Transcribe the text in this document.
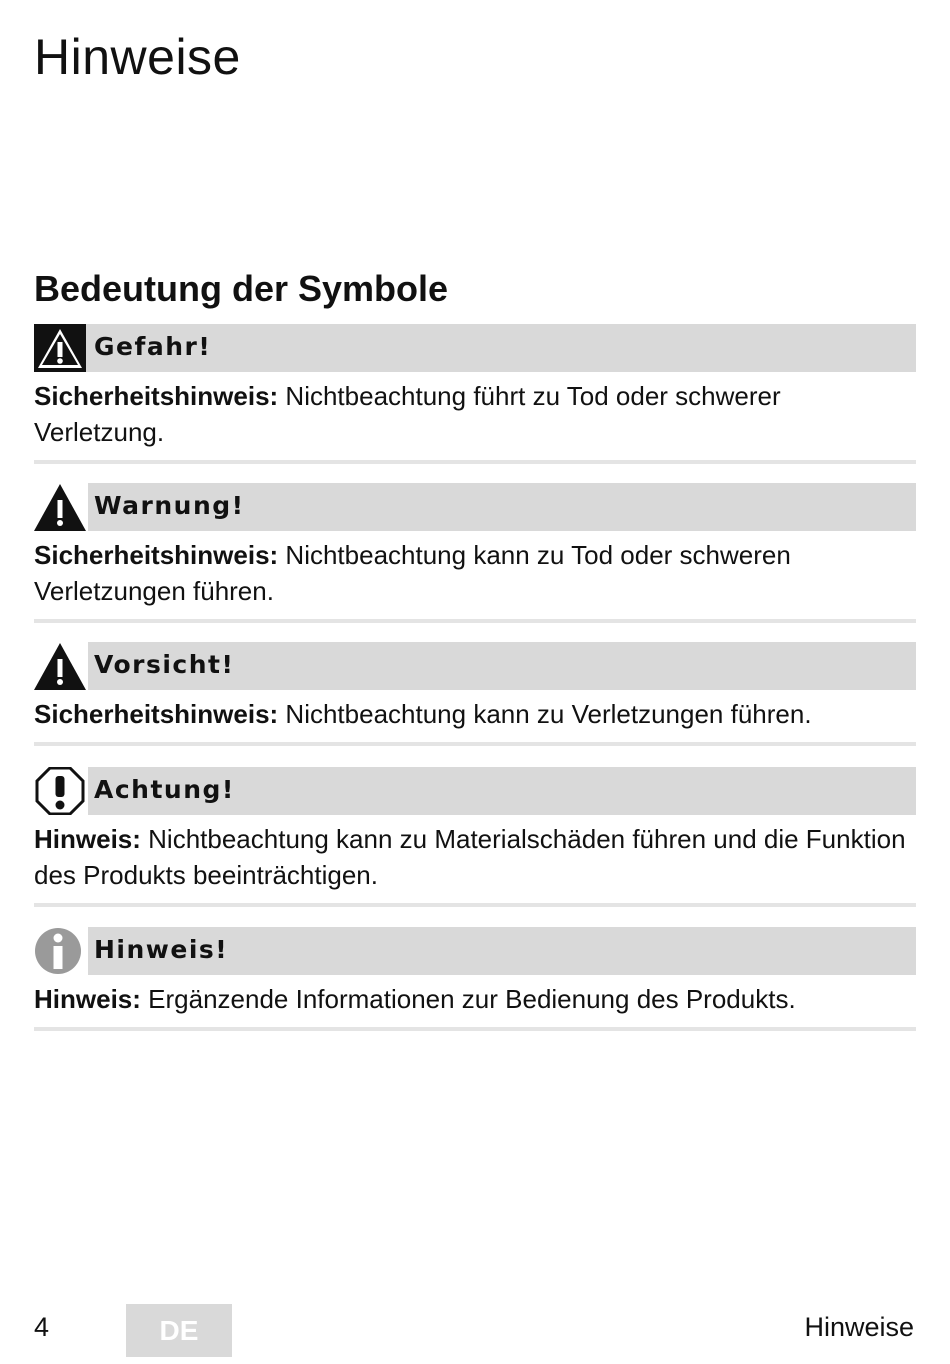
Hinweise
Bedeutung der Symbole
Gefahr!

Sicherheitshinweis: Nichtbeachtung führt zu Tod oder schwerer Verletzung.

Warnung!

Sicherheitshinweis: Nichtbeachtung kann zu Tod oder schweren Verletzungen führen.

Vorsicht!

Sicherheitshinweis: Nichtbeachtung kann zu Verletzungen führen.

Achtung!

Hinweis: Nichtbeachtung kann zu Materialschäden führen und die Funktion des Produkts beeinträchtigen.

Hinweis!

Hinweis: Ergänzende Informationen zur Bedienung des Produkts.

4	DE	Hinweise
